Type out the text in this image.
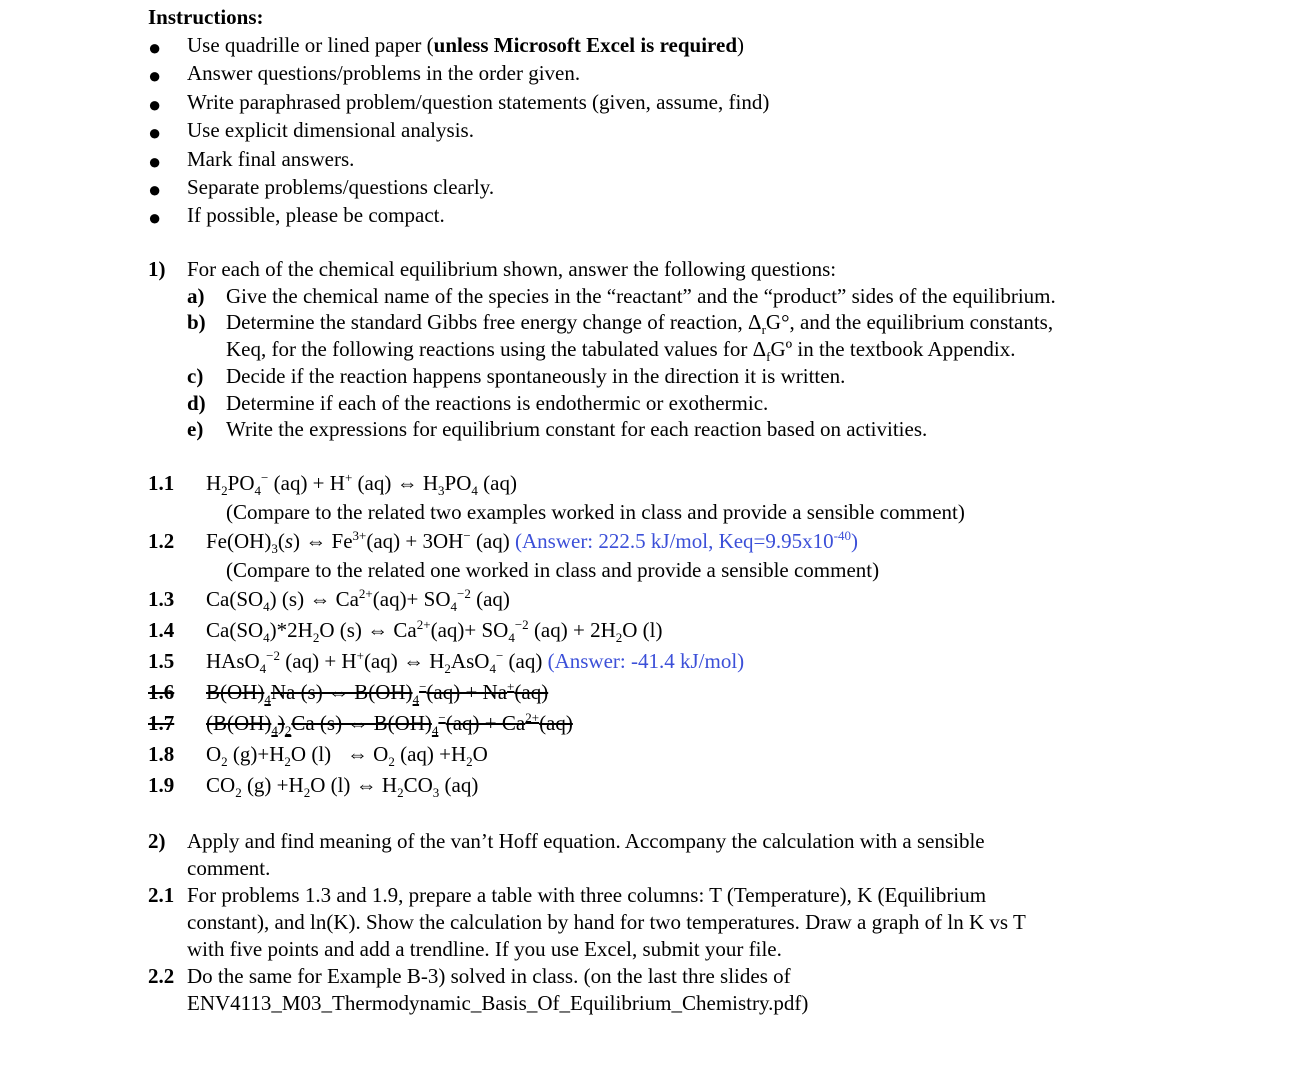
Instructions:
● Use quadrille or lined paper (unless Microsoft Excel is required)
● Answer questions/problems in the order given.
● Write paraphrased problem/question statements (given, assume, find)
● Use explicit dimensional analysis.
● Mark final answers.
● Separate problems/questions clearly.
● If possible, please be compact.
1) For each of the chemical equilibrium shown, answer the following questions:
a) Give the chemical name of the species in the “reactant” and the “product” sides of the equilibrium.
b) Determine the standard Gibbs free energy change of reaction, $\Delta_rG^\circ$, and the equilibrium constants,
Keq, for the following reactions using the tabulated values for $\Delta_fGº$ in the textbook Appendix.
c) Decide if the reaction happens spontaneously in the direction it is written.
d) Determine if each of the reactions is endothermic or exothermic.
e) Write the expressions for equilibrium constant for each reaction based on activities.
1.1 $H_2PO_4^-$ (aq) + H+ (aq) ⇔ $H_3PO_4$ (aq)
(Compare to the related two examples worked in class and provide a sensible comment)
1.2 $Fe(OH)_3(s)$ ⇔ $Fe^{3+}(aq) + 3OH^-$ (aq) (Answer: 222.5 kJ/mol, $Keq=9.95x10^{-40}$)
(Compare to the related one worked in class and provide a sensible comment)
1.3 $Ca(SO_4)$ (s) ⇔ $Ca^{2+}(aq)+ SO_4^{-2}$ (aq)
1.4 $Ca(SO_4)*2H_2O$ (s) ⇔ $Ca^{2+}(aq)+ SO_4^{-2}$ $(aq) + 2H_2O$ (l)
1.5 HAsO$_4^{-2}$ (aq) + H+(aq) ⇔ $H_2AsO_4^-$ (aq) (Answer: -41.4 kJ/mol)
1.6 $B(OH)_4Na$ (s) ⇔ $B(OH)_4^-(aq) + Na^+(aq)$
1.7 $(B(OH)_4)_2Ca$ (s) ⇔ $B(OH)_4^-(aq) + Ca^{2+}(aq)$
1.8 $O_2$ $(g)+H_2O$ (l)   ⇔ $O_2$ $(aq) +H_2O$
1.9 $CO_2$ $(g) +H_2O$ (l) ⇔ $H_2CO_3$ (aq)
2) Apply and find meaning of the van’t Hoff equation. Accompany the calculation with a sensible
comment.
2.1 For problems 1.3 and 1.9, prepare a table with three columns: T (Temperature), K (Equilibrium
constant), and ln(K). Show the calculation by hand for two temperatures. Draw a graph of ln K vs T
with five points and add a trendline. If you use Excel, submit your file.
2.2 Do the same for Example B-3) solved in class. (on the last thre slides of
ENV4113_M03_Thermodynamic_Basis_Of_Equilibrium_Chemistry.pdf)
